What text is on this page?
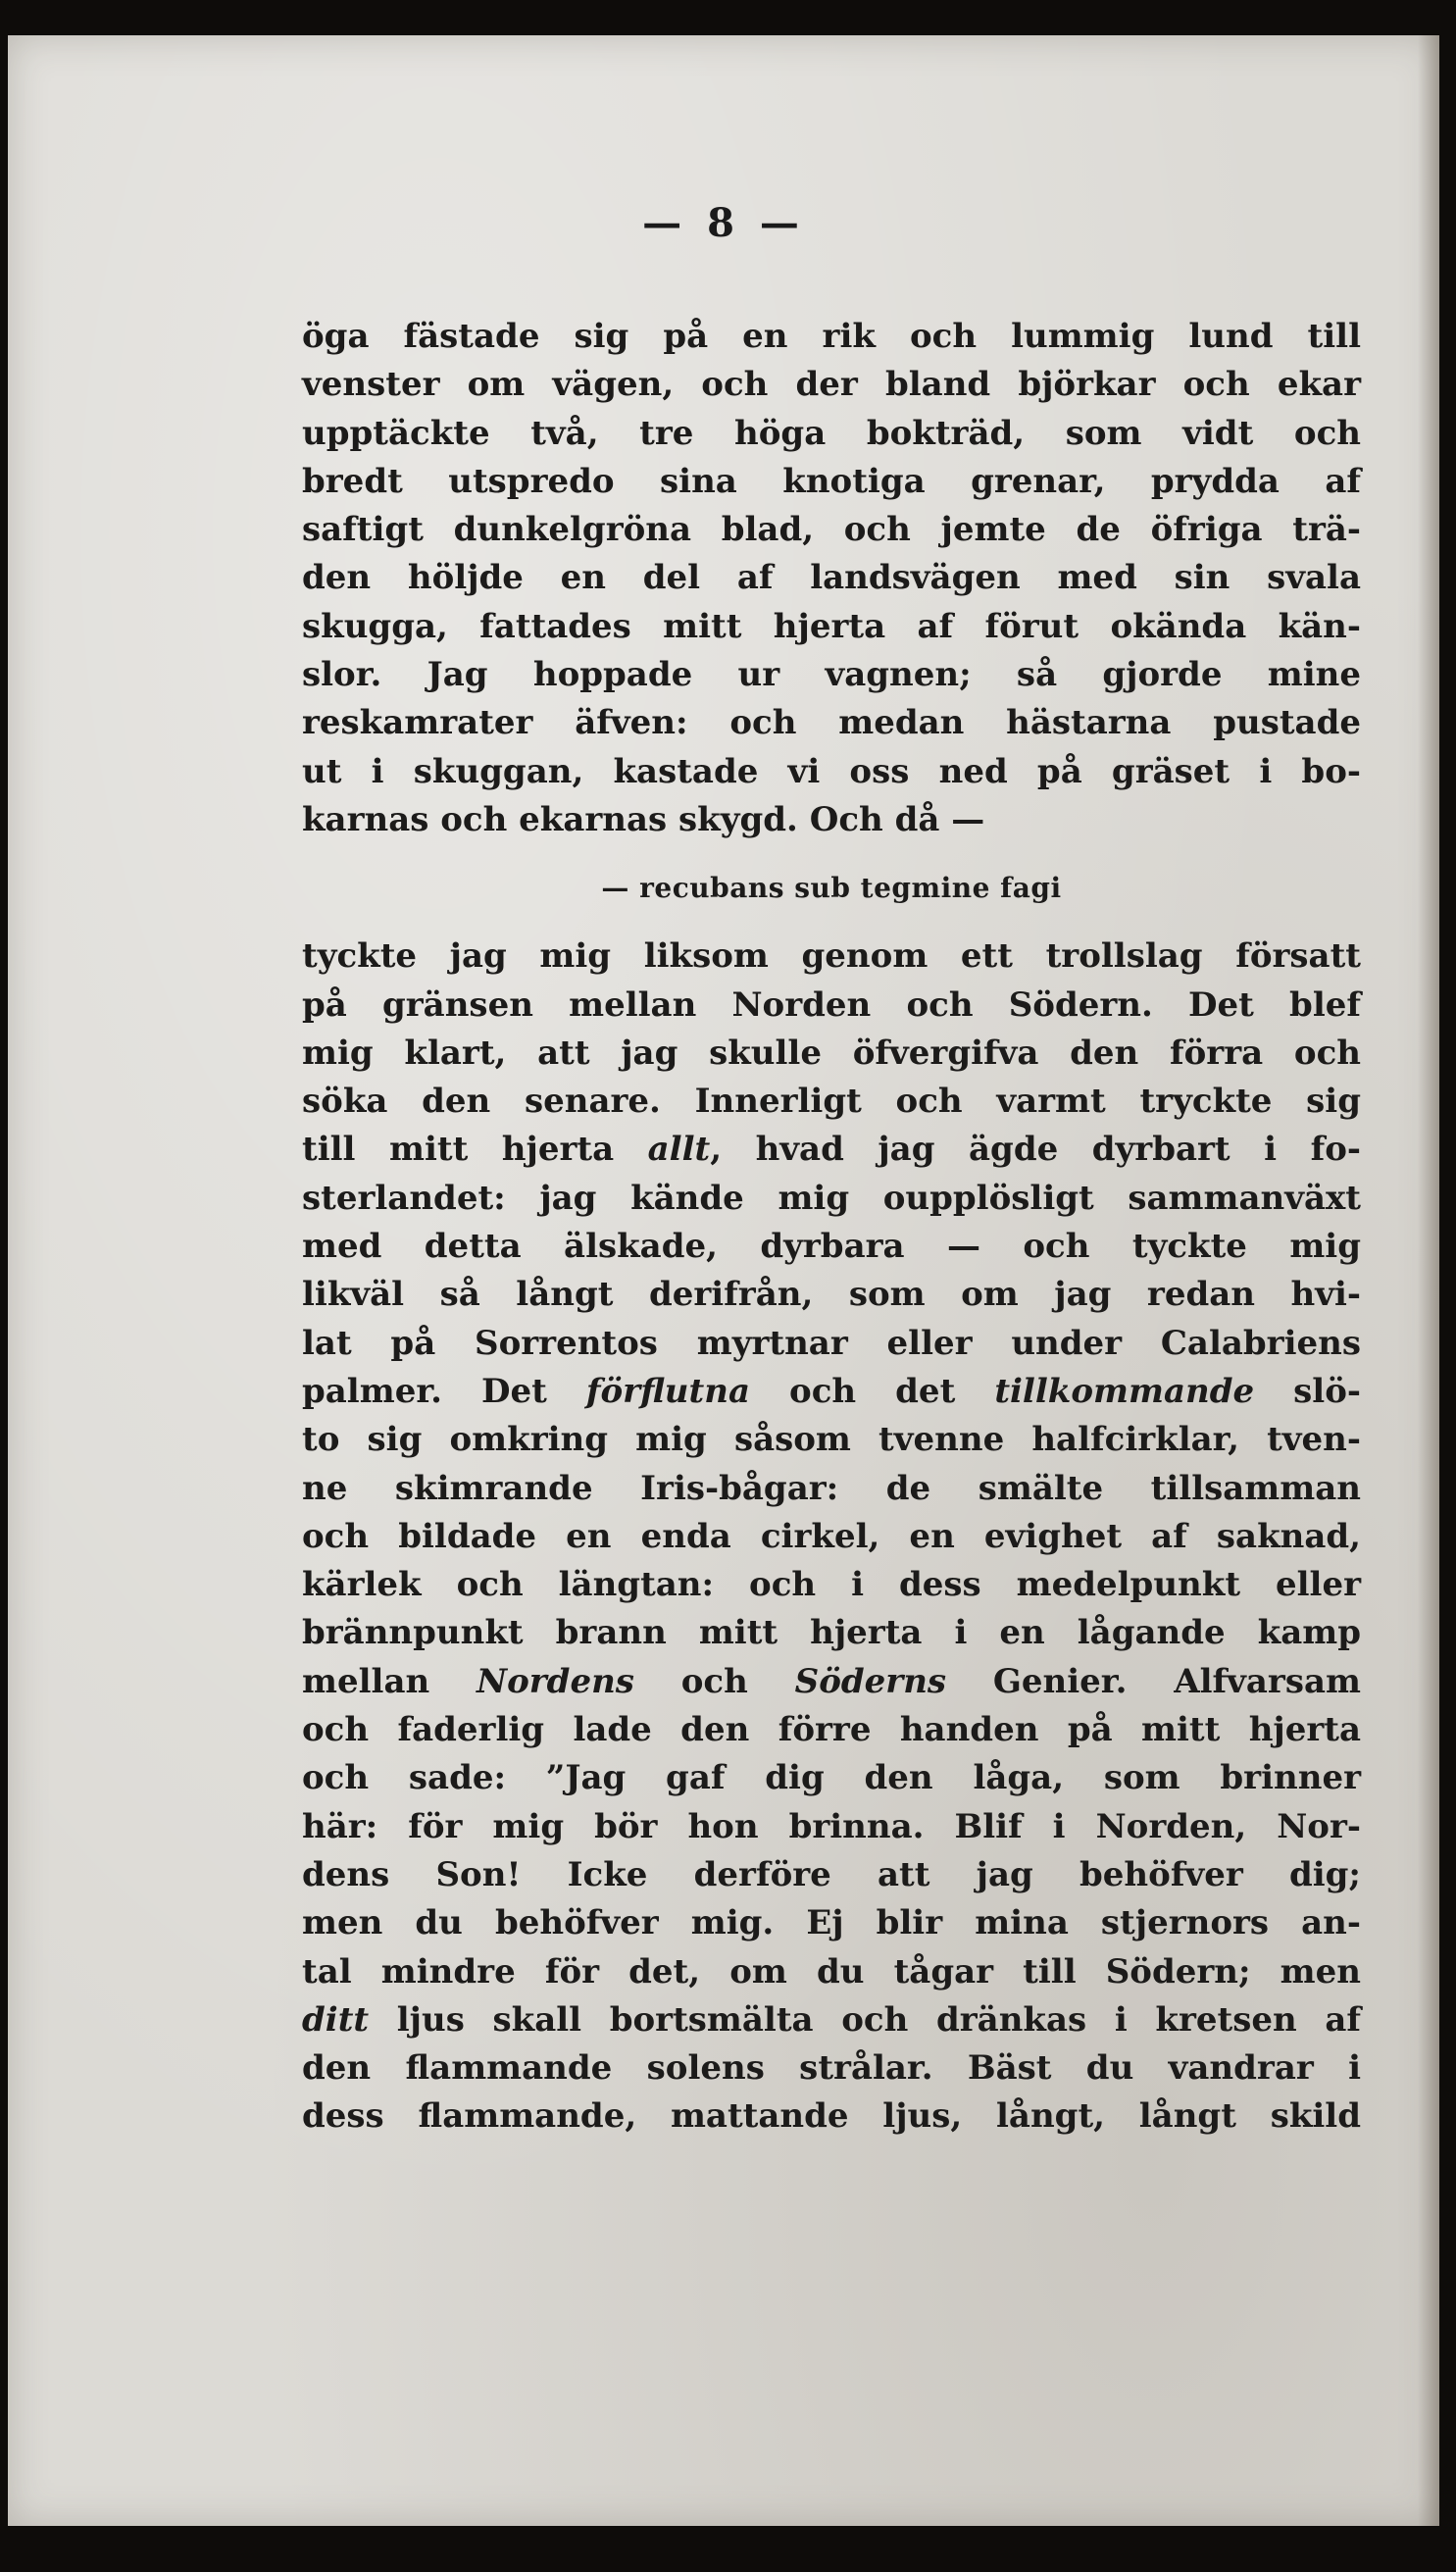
— 8 —
öga fästade sig på en rik och lummig lund till
venster om vägen, och der bland björkar och ekar
upptäckte två, tre höga bokträd, som vidt och
bredt utspredo sina knotiga grenar, prydda af
saftigt dunkelgröna blad, och jemte de öfriga trä-
den höljde en del af landsvägen med sin svala
skugga, fattades mitt hjerta af förut okända kän-
slor. Jag hoppade ur vagnen; så gjorde mine
reskamrater äfven: och medan hästarna pustade
ut i skuggan, kastade vi oss ned på gräset i bo-
karnas och ekarnas skygd. Och då —
— recubans sub tegmine fagi
tyckte jag mig liksom genom ett trollslag försatt
på gränsen mellan Norden och Södern. Det blef
mig klart, att jag skulle öfvergifva den förra och
söka den senare. Innerligt och varmt tryckte sig
till mitt hjerta allt, hvad jag ägde dyrbart i fo-
sterlandet: jag kände mig oupplösligt sammanväxt
med detta älskade, dyrbara — och tyckte mig
likväl så långt derifrån, som om jag redan hvi-
lat på Sorrentos myrtnar eller under Calabriens
palmer. Det förflutna och det tillkommande slö-
to sig omkring mig såsom tvenne halfcirklar, tven-
ne skimrande Iris-bågar: de smälte tillsamman
och bildade en enda cirkel, en evighet af saknad,
kärlek och längtan: och i dess medelpunkt eller
brännpunkt brann mitt hjerta i en lågande kamp
mellan Nordens och Söderns Genier. Alfvarsam
och faderlig lade den förre handen på mitt hjerta
och sade: ”Jag gaf dig den låga, som brinner
här: för mig bör hon brinna. Blif i Norden, Nor-
dens Son! Icke derföre att jag behöfver dig;
men du behöfver mig. Ej blir mina stjernors an-
tal mindre för det, om du tågar till Södern; men
ditt ljus skall bortsmälta och dränkas i kretsen af
den flammande solens strålar. Bäst du vandrar i
dess flammande, mattande ljus, långt, långt skild
